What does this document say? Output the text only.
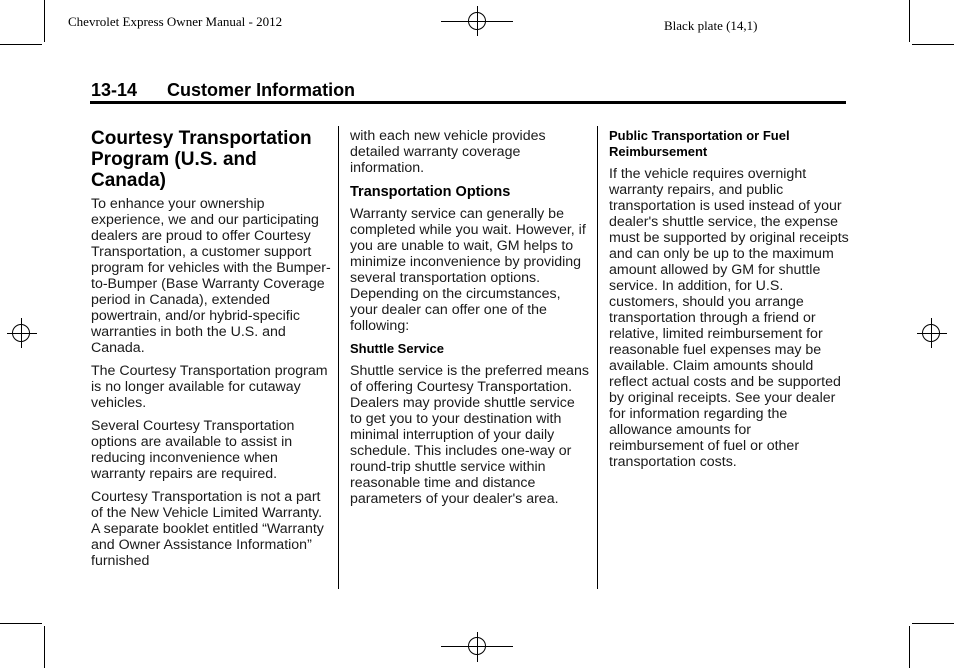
Chevrolet Express Owner Manual - 2012	Black plate (14,1)
13-14 Customer Information
Courtesy Transportation Program (U.S. and Canada)

To enhance your ownership experience, we and our participating dealers are proud to offer Courtesy Transportation, a customer support program for vehicles with the Bumper-to-Bumper (Base Warranty Coverage period in Canada), extended powertrain, and/or hybrid-specific warranties in both the U.S. and Canada.

The Courtesy Transportation program is no longer available for cutaway vehicles.

Several Courtesy Transportation options are available to assist in reducing inconvenience when warranty repairs are required.

Courtesy Transportation is not a part of the New Vehicle Limited Warranty. A separate booklet entitled “Warranty and Owner Assistance Information” furnished

with each new vehicle provides detailed warranty coverage information.

Transportation Options

Warranty service can generally be completed while you wait. However, if you are unable to wait, GM helps to minimize inconvenience by providing several transportation options. Depending on the circumstances, your dealer can offer one of the following:

Shuttle Service

Shuttle service is the preferred means of offering Courtesy Transportation. Dealers may provide shuttle service to get you to your destination with minimal interruption of your daily schedule. This includes one-way or round-trip shuttle service within reasonable time and distance parameters of your dealer's area.

Public Transportation or Fuel Reimbursement

If the vehicle requires overnight warranty repairs, and public transportation is used instead of your dealer's shuttle service, the expense must be supported by original receipts and can only be up to the maximum amount allowed by GM for shuttle service. In addition, for U.S. customers, should you arrange transportation through a friend or relative, limited reimbursement for reasonable fuel expenses may be available. Claim amounts should reflect actual costs and be supported by original receipts. See your dealer for information regarding the allowance amounts for reimbursement of fuel or other transportation costs.
